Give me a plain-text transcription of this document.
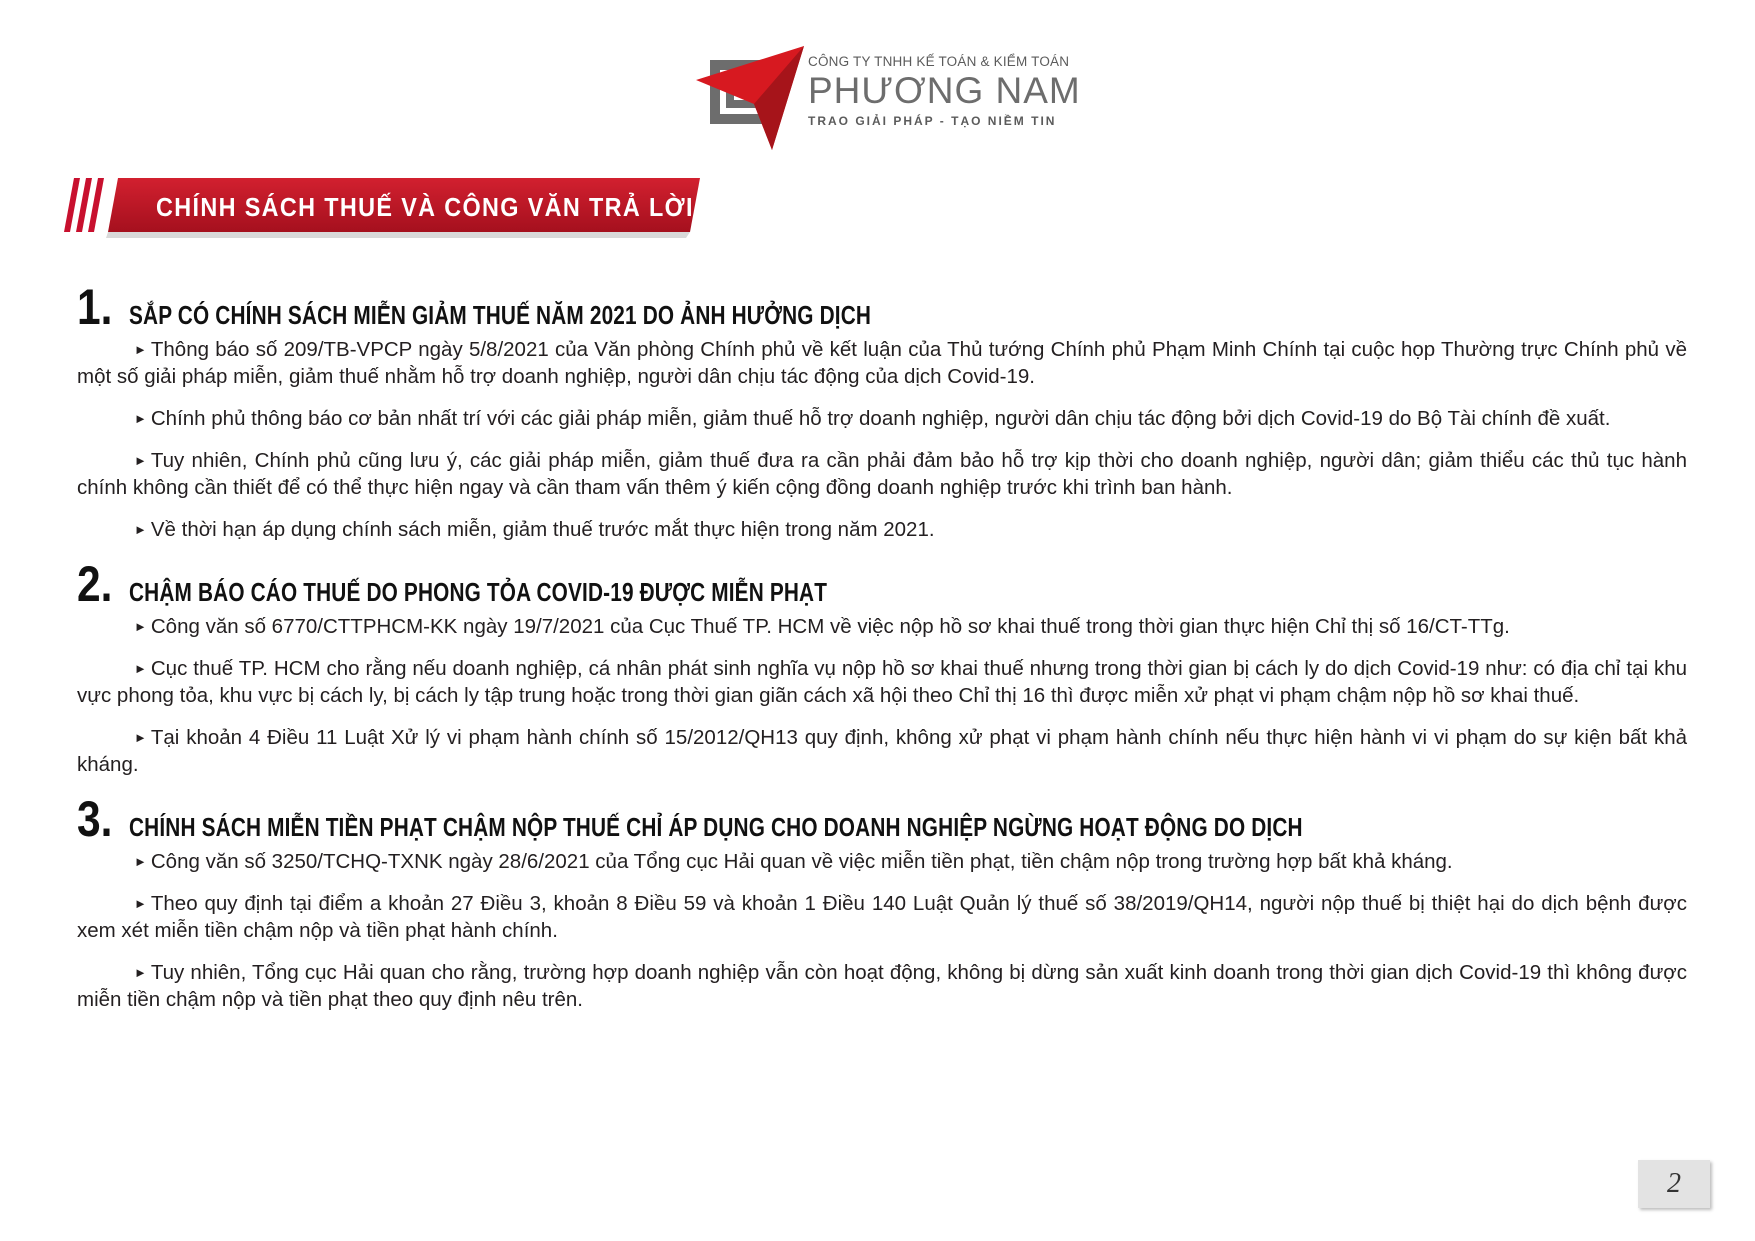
CÔNG TY TNHH KẾ TOÁN & KIỂM TOÁN
PHƯƠNG NAM
TRAO GIẢI PHÁP - TẠO NIỀM TIN
CHÍNH SÁCH THUẾ VÀ CÔNG VĂN TRẢ LỜI
1. SẮP CÓ CHÍNH SÁCH MIỄN GIẢM THUẾ NĂM 2021 DO ẢNH HƯỞNG DỊCH

► Thông báo số 209/TB-VPCP ngày 5/8/2021 của Văn phòng Chính phủ về kết luận của Thủ tướng Chính phủ Phạm Minh Chính tại cuộc họp Thường trực Chính phủ về một số giải pháp miễn, giảm thuế nhằm hỗ trợ doanh nghiệp, người dân chịu tác động của dịch Covid-19.

► Chính phủ thông báo cơ bản nhất trí với các giải pháp miễn, giảm thuế hỗ trợ doanh nghiệp, người dân chịu tác động bởi dịch Covid-19 do Bộ Tài chính đề xuất.

► Tuy nhiên, Chính phủ cũng lưu ý, các giải pháp miễn, giảm thuế đưa ra cần phải đảm bảo hỗ trợ kịp thời cho doanh nghiệp, người dân; giảm thiểu các thủ tục hành chính không cần thiết để có thể thực hiện ngay và cần tham vấn thêm ý kiến cộng đồng doanh nghiệp trước khi trình ban hành.

► Về thời hạn áp dụng chính sách miễn, giảm thuế trước mắt thực hiện trong năm 2021.

2. CHẬM BÁO CÁO THUẾ DO PHONG TỎA COVID-19 ĐƯỢC MIỄN PHẠT

► Công văn số 6770/CTTPHCM-KK ngày 19/7/2021 của Cục Thuế TP. HCM về việc nộp hồ sơ khai thuế trong thời gian thực hiện Chỉ thị số 16/CT-TTg.

► Cục thuế TP. HCM cho rằng nếu doanh nghiệp, cá nhân phát sinh nghĩa vụ nộp hồ sơ khai thuế nhưng trong thời gian bị cách ly do dịch Covid-19 như: có địa chỉ tại khu vực phong tỏa, khu vực bị cách ly, bị cách ly tập trung hoặc trong thời gian giãn cách xã hội theo Chỉ thị 16 thì được miễn xử phạt vi phạm chậm nộp hồ sơ khai thuế.

► Tại khoản 4 Điều 11 Luật Xử lý vi phạm hành chính số 15/2012/QH13 quy định, không xử phạt vi phạm hành chính nếu thực hiện hành vi vi phạm do sự kiện bất khả kháng.

3. CHÍNH SÁCH MIỄN TIỀN PHẠT CHẬM NỘP THUẾ CHỈ ÁP DỤNG CHO DOANH NGHIỆP NGỪNG HOẠT ĐỘNG DO DỊCH

► Công văn số 3250/TCHQ-TXNK ngày 28/6/2021 của Tổng cục Hải quan về việc miễn tiền phạt, tiền chậm nộp trong trường hợp bất khả kháng.

► Theo quy định tại điểm a khoản 27 Điều 3, khoản 8 Điều 59 và khoản 1 Điều 140 Luật Quản lý thuế số 38/2019/QH14, người nộp thuế bị thiệt hại do dịch bệnh được xem xét miễn tiền chậm nộp và tiền phạt hành chính.

► Tuy nhiên, Tổng cục Hải quan cho rằng, trường hợp doanh nghiệp vẫn còn hoạt động, không bị dừng sản xuất kinh doanh trong thời gian dịch Covid-19 thì không được miễn tiền chậm nộp và tiền phạt theo quy định nêu trên.

2
